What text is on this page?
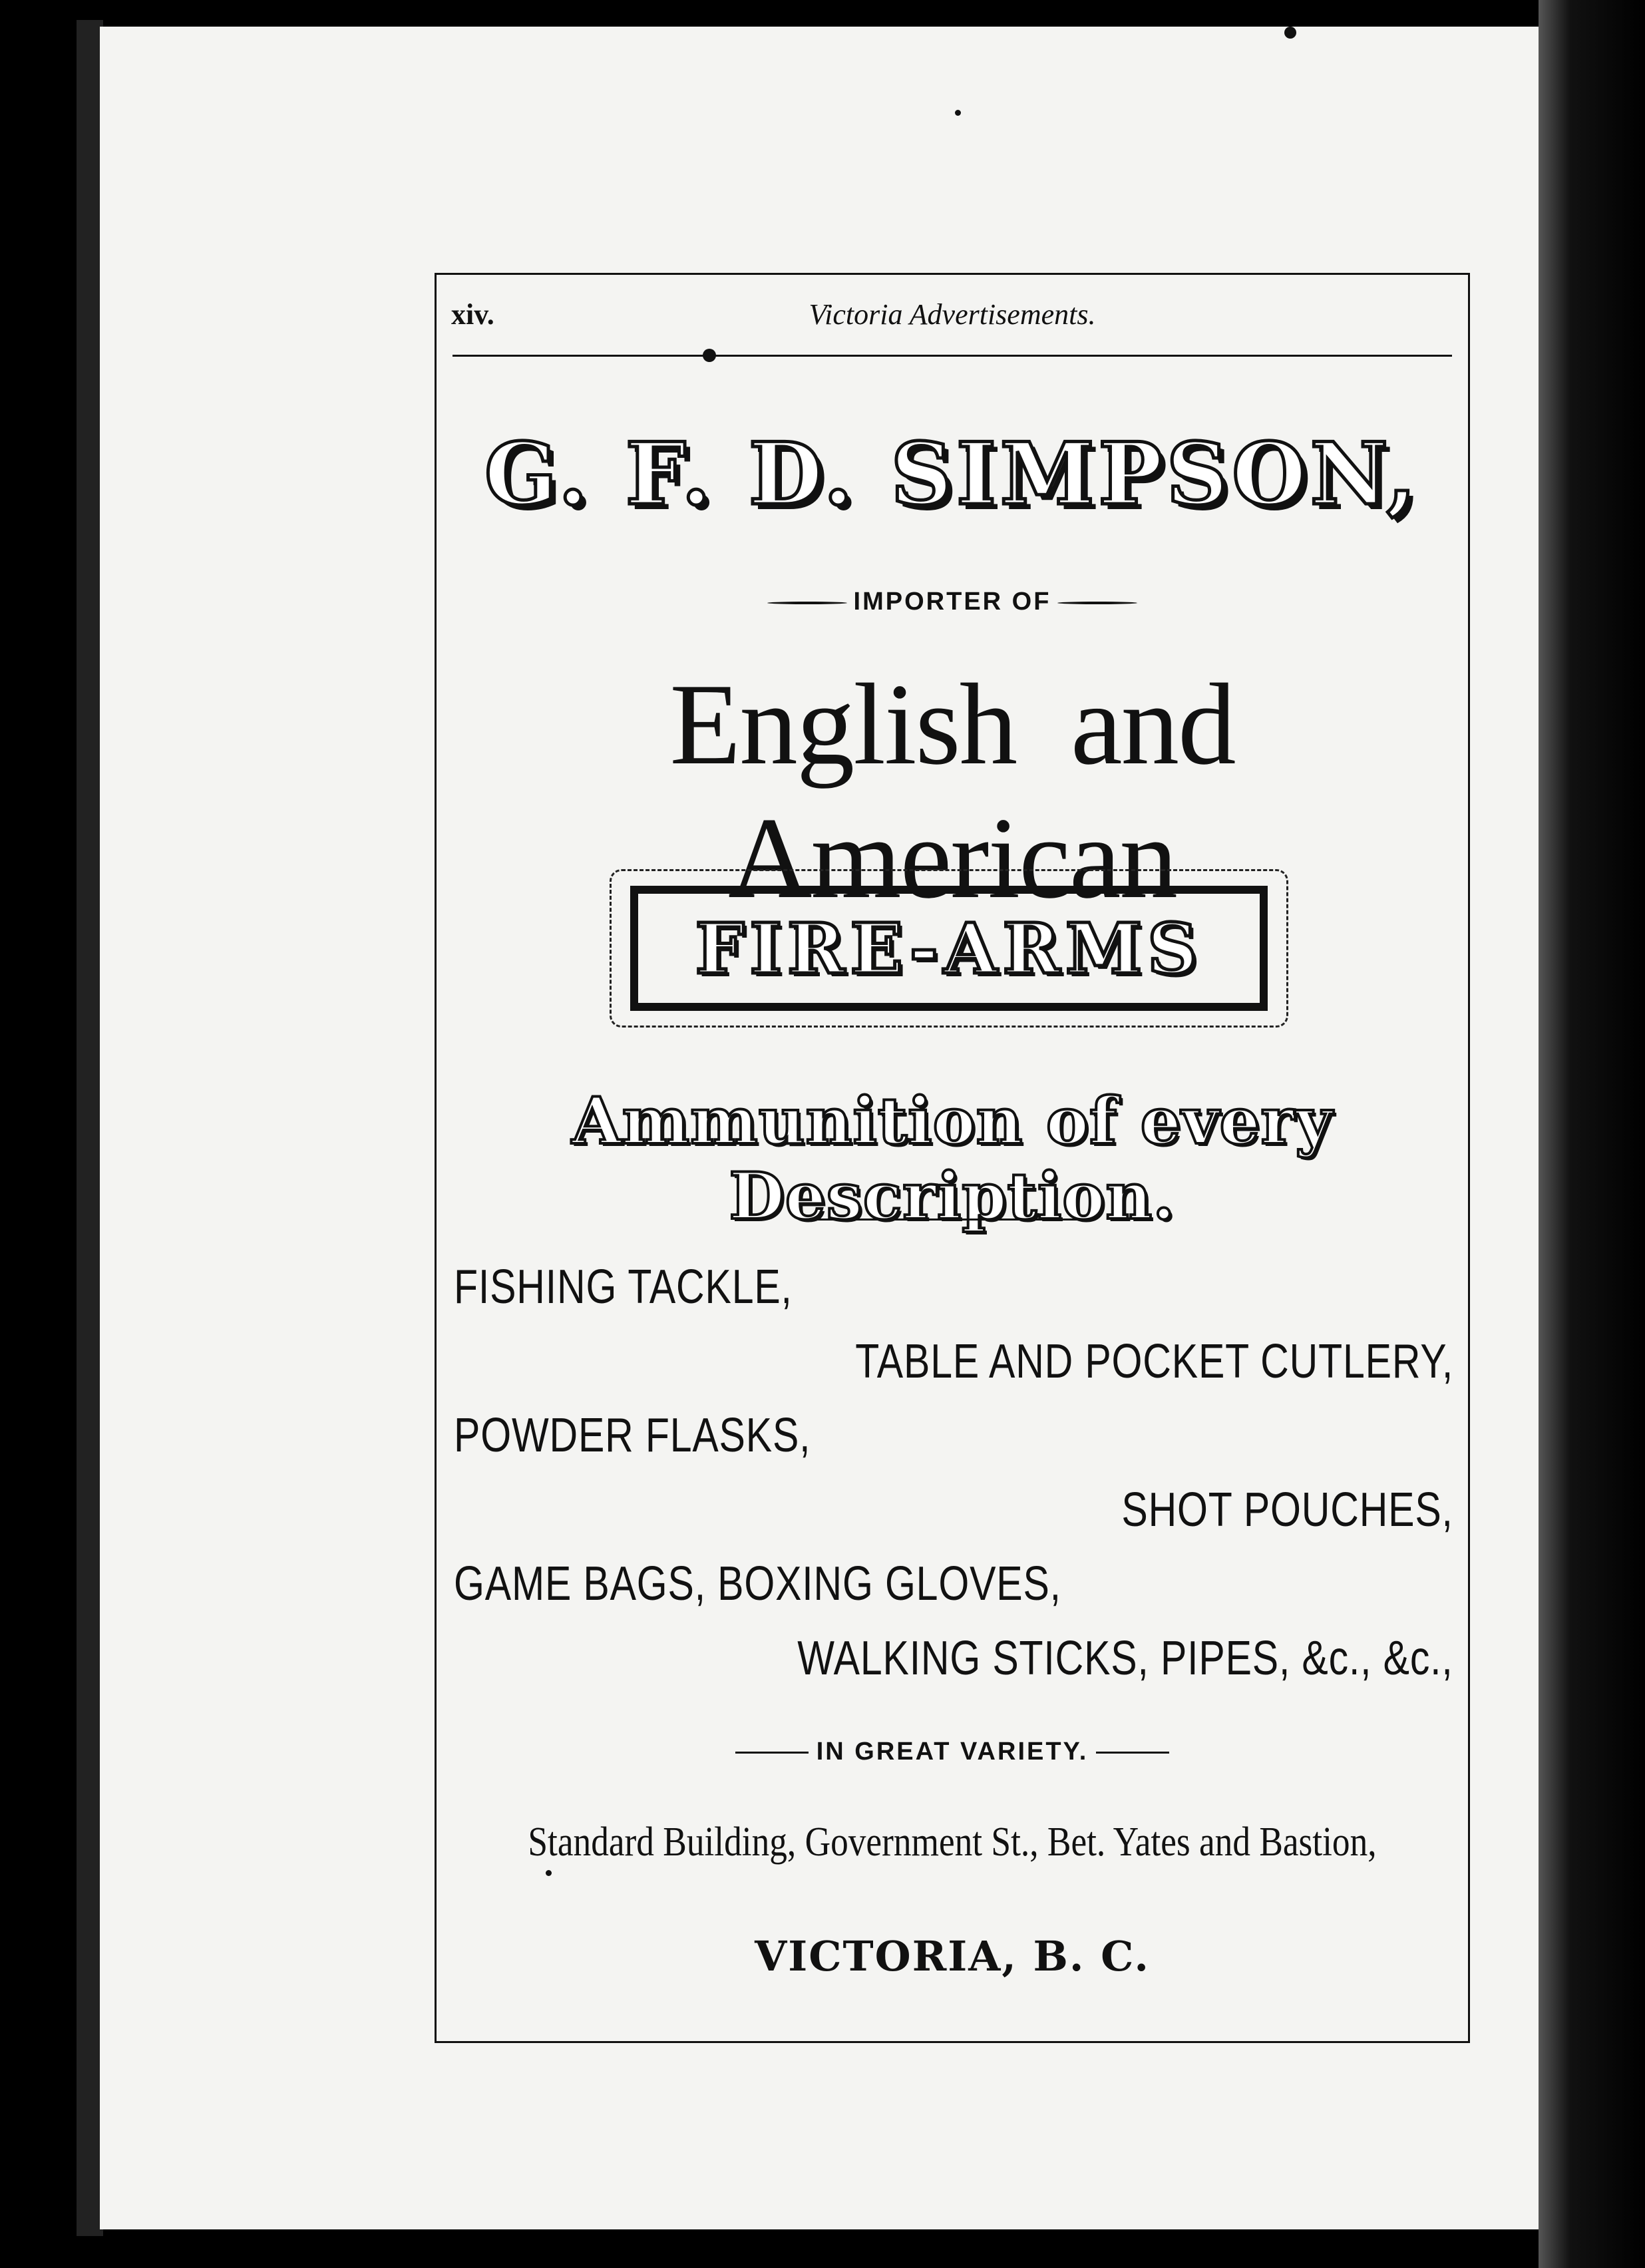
xiv.	Victoria Advertisements.
G. F. D. SIMPSON,
IMPORTER OF
English and American
FIRE-ARMS
Ammunition of every Description.
FISHING TACKLE,
TABLE AND POCKET CUTLERY,
POWDER FLASKS,
SHOT POUCHES,
GAME BAGS, BOXING GLOVES,
WALKING STICKS, PIPES, &c., &c.,
IN GREAT VARIETY.
Standard Building, Government St., Bet. Yates and Bastion,
VICTORIA, B. C.
